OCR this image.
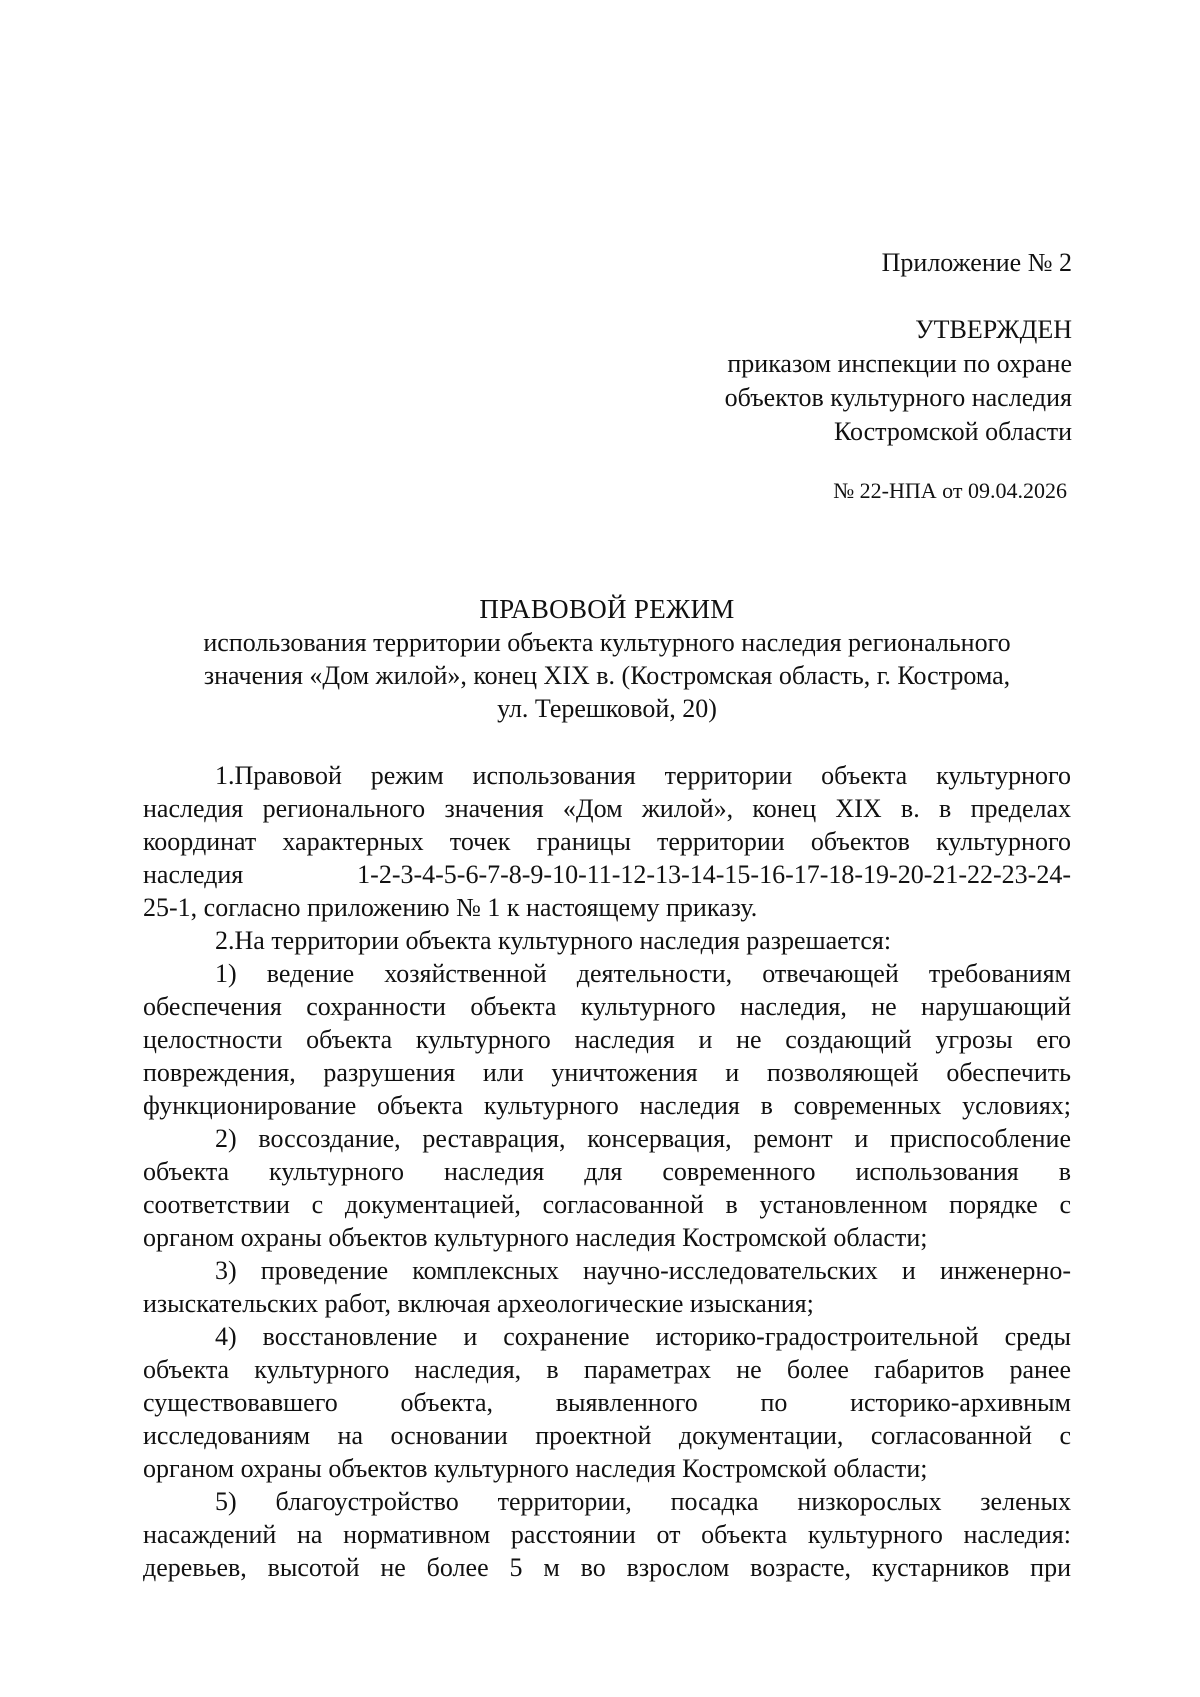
Приложение № 2
УТВЕРЖДЕН
приказом инспекции по охране
объектов культурного наследия
Костромской области
№ 22-НПА от 09.04.2026
ПРАВОВОЙ РЕЖИМ
использования территории объекта культурного наследия регионального
значения «Дом жилой», конец XIX в. (Костромская область, г. Кострома,
ул. Терешковой, 20)
1.Правовой режим использования территории объекта культурного
наследия регионального значения «Дом жилой», конец XIX в. в пределах
координат характерных точек границы территории объектов культурного
наследия 1-2-3-4-5-6-7-8-9-10-11-12-13-14-15-16-17-18-19-20-21-22-23-24-
25-1, согласно приложению № 1 к настоящему приказу.
2.На территории объекта культурного наследия разрешается:
1) ведение хозяйственной деятельности, отвечающей требованиям
обеспечения сохранности объекта культурного наследия, не нарушающий
целостности объекта культурного наследия и не создающий угрозы его
повреждения, разрушения или уничтожения и позволяющей обеспечить
функционирование объекта культурного наследия в современных условиях;
2) воссоздание, реставрация, консервация, ремонт и приспособление
объекта культурного наследия для современного использования в
соответствии с документацией, согласованной в установленном порядке с
органом охраны объектов культурного наследия Костромской области;
3) проведение комплексных научно-исследовательских и инженерно-
изыскательских работ, включая археологические изыскания;
4) восстановление и сохранение историко-градостроительной среды
объекта культурного наследия, в параметрах не более габаритов ранее
существовавшего объекта, выявленного по историко-архивным
исследованиям на основании проектной документации, согласованной с
органом охраны объектов культурного наследия Костромской области;
5) благоустройство территории, посадка низкорослых зеленых
насаждений на нормативном расстоянии от объекта культурного наследия:
деревьев, высотой не более 5 м во взрослом возрасте, кустарников при
